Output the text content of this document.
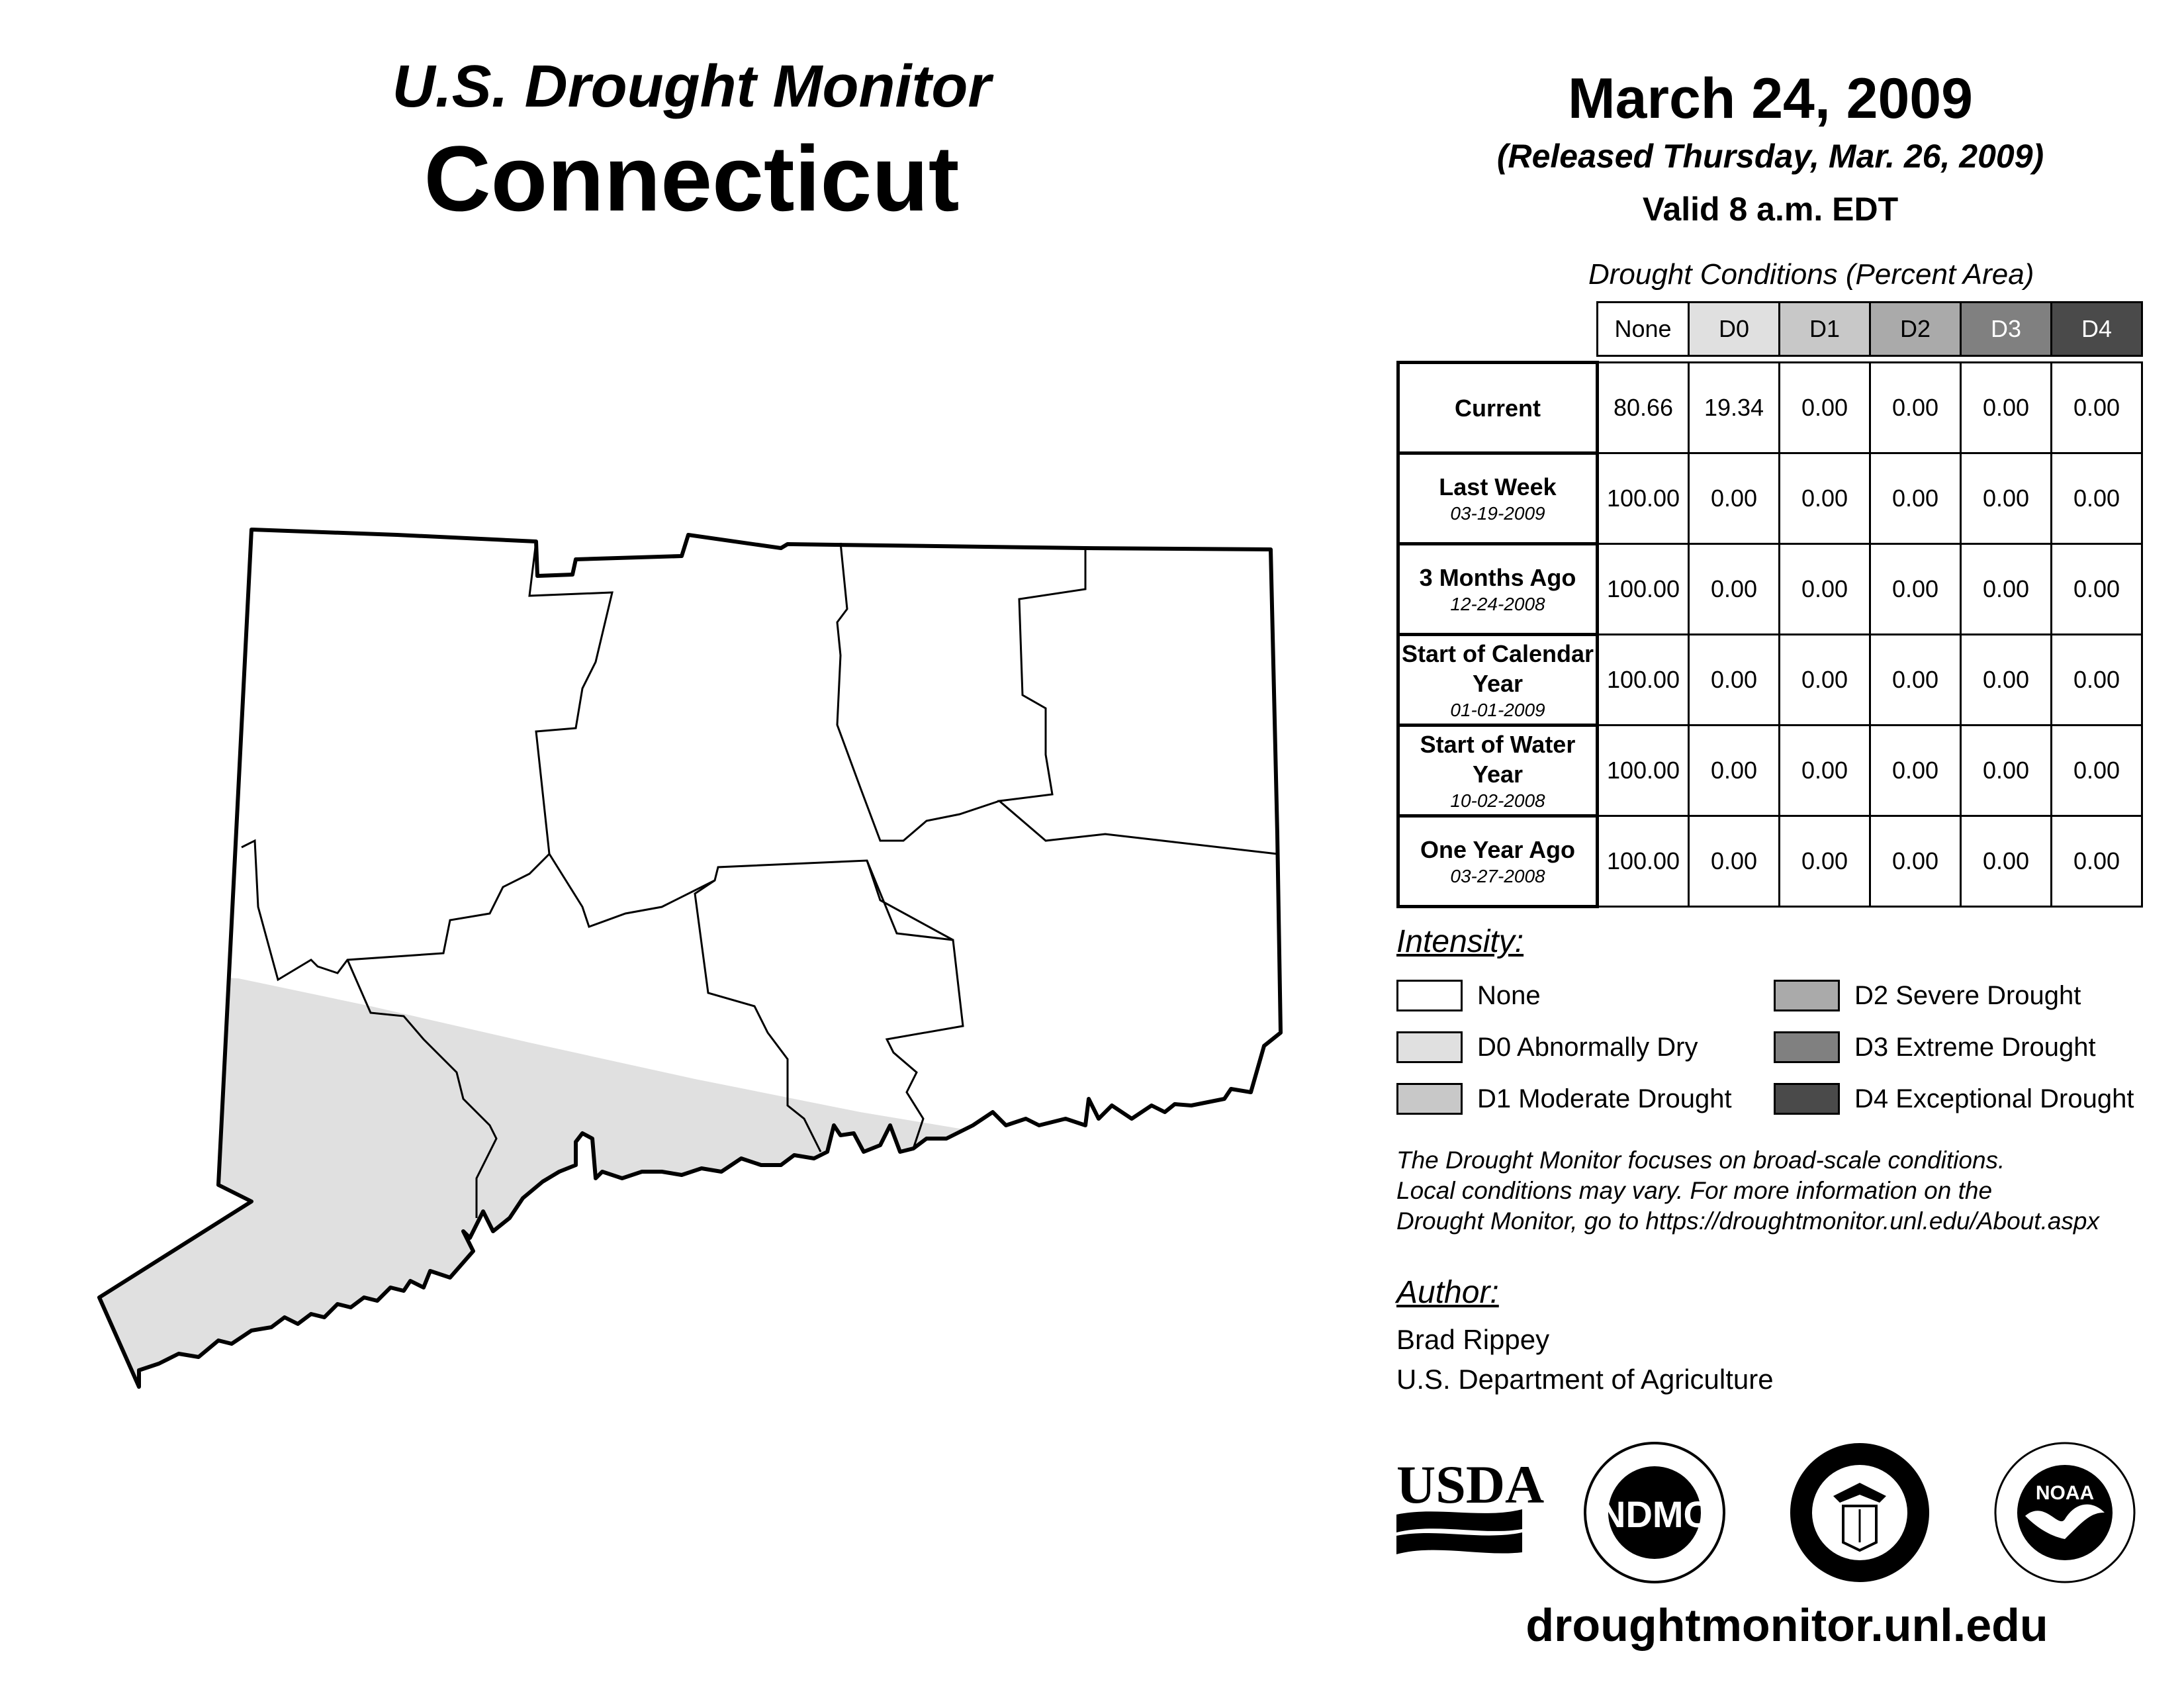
U.S. Drought Monitor
Connecticut
March 24, 2009
(Released Thursday, Mar. 26, 2009)
Valid 8 a.m. EDT
Drought Conditions (Percent Area)
	None	D0	D1	D2	D3	D4

Current	80.66	19.34	0.00	0.00	0.00	0.00
Last Week
03-19-2009	100.00	0.00	0.00	0.00	0.00	0.00
3 Months Ago
12-24-2008	100.00	0.00	0.00	0.00	0.00	0.00
Start of Calendar Year
01-01-2009	100.00	0.00	0.00	0.00	0.00	0.00
Start of Water Year
10-02-2008	100.00	0.00	0.00	0.00	0.00	0.00
One Year Ago
03-27-2008	100.00	0.00	0.00	0.00	0.00	0.00
Intensity:
None
D0 Abnormally Dry
D1 Moderate Drought
D2 Severe Drought
D3 Extreme Drought
D4 Exceptional Drought
The Drought Monitor focuses on broad-scale conditions.
Local conditions may vary. For more information on the
Drought Monitor, go to https://droughtmonitor.unl.edu/About.aspx
Author:
Brad Rippey
U.S. Department of Agriculture
USDA NDMC
NOAA
droughtmonitor.unl.edu
